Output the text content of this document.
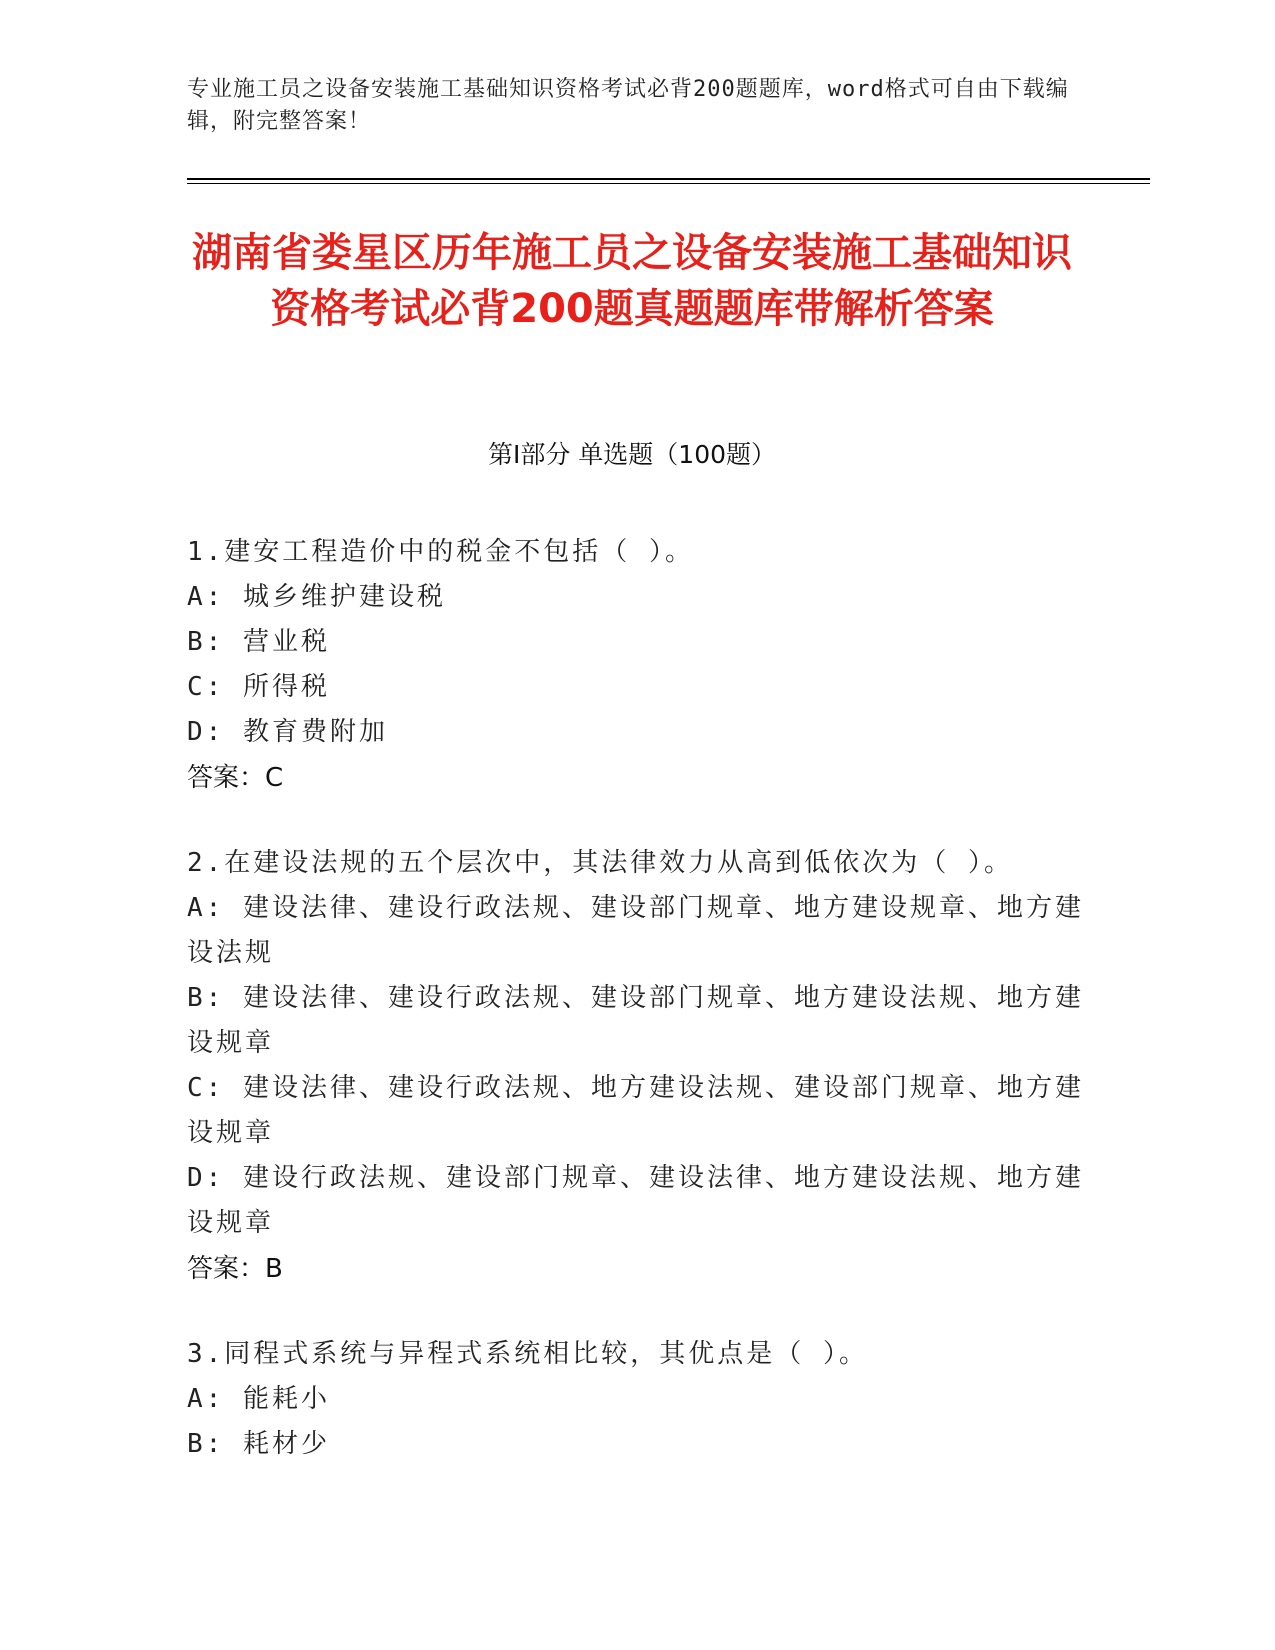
专业施工员之设备安装施工基础知识资格考试必背200题题库，word格式可自由下载编辑，附完整答案！
湖南省娄星区历年施工员之设备安装施工基础知识资格考试必背200题真题题库带解析答案
第Ⅰ部分 单选题（100题）
1.建安工程造价中的税金不包括（ ）。
A: 城乡维护建设税
B: 营业税
C: 所得税
D: 教育费附加
答案：C
2.在建设法规的五个层次中，其法律效力从高到低依次为（ ）。
A: 建设法律、建设行政法规、建设部门规章、地方建设规章、地方建设法规
B: 建设法律、建设行政法规、建设部门规章、地方建设法规、地方建设规章
C: 建设法律、建设行政法规、地方建设法规、建设部门规章、地方建设规章
D: 建设行政法规、建设部门规章、建设法律、地方建设法规、地方建设规章
答案：B
3.同程式系统与异程式系统相比较，其优点是（ ）。
A: 能耗小
B: 耗材少
